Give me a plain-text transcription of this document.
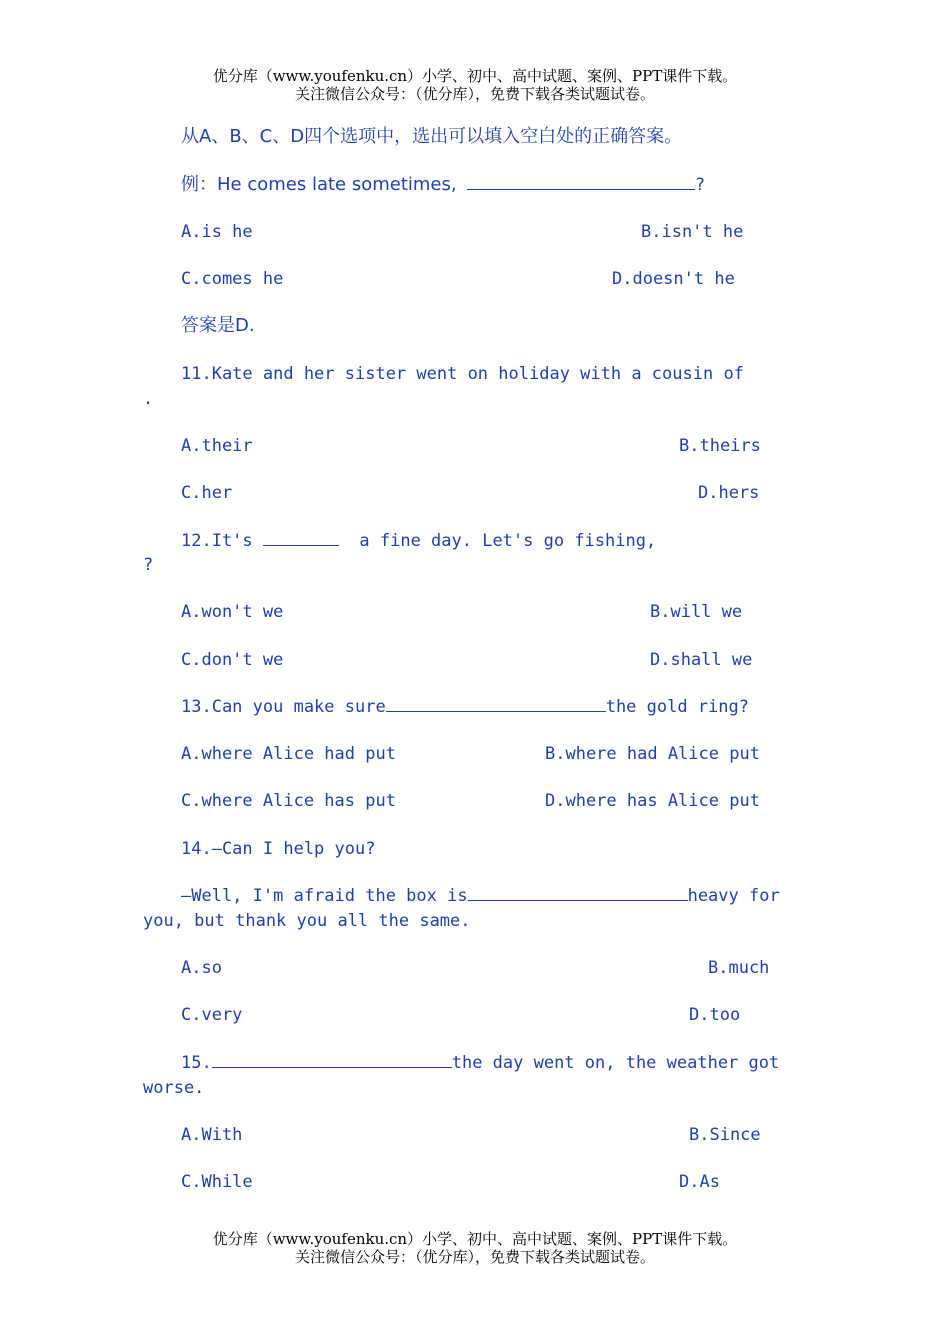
优分库（www.youfenku.cn）小学、初中、高中试题、案例、PPT课件下载。
关注微信公众号：（优分库），免费下载各类试题试卷。
从A、B、C、D四个选项中，选出可以填入空白处的正确答案。
例：He comes late sometimes,	?
A.is he	B.isn't he
C.comes he	D.doesn't he
答案是D.
11.Kate and her sister went on holiday with a cousin of
.
A.their	B.theirs
C.her	D.hers
12.It's	a fine day. Let's go fishing,
?
A.won't we	B.will we
C.don't we	D.shall we
13.Can you make sure	the gold ring?
A.where Alice had put	B.where had Alice put
C.where Alice has put	D.where has Alice put
14.—Can I help you?
—Well, I'm afraid the box is	heavy for
you, but thank you all the same.
A.so	B.much
C.very	D.too
15.	the day went on, the weather got
worse.
A.With	B.Since
C.While	D.As
优分库（www.youfenku.cn）小学、初中、高中试题、案例、PPT课件下载。
关注微信公众号：（优分库），免费下载各类试题试卷。
